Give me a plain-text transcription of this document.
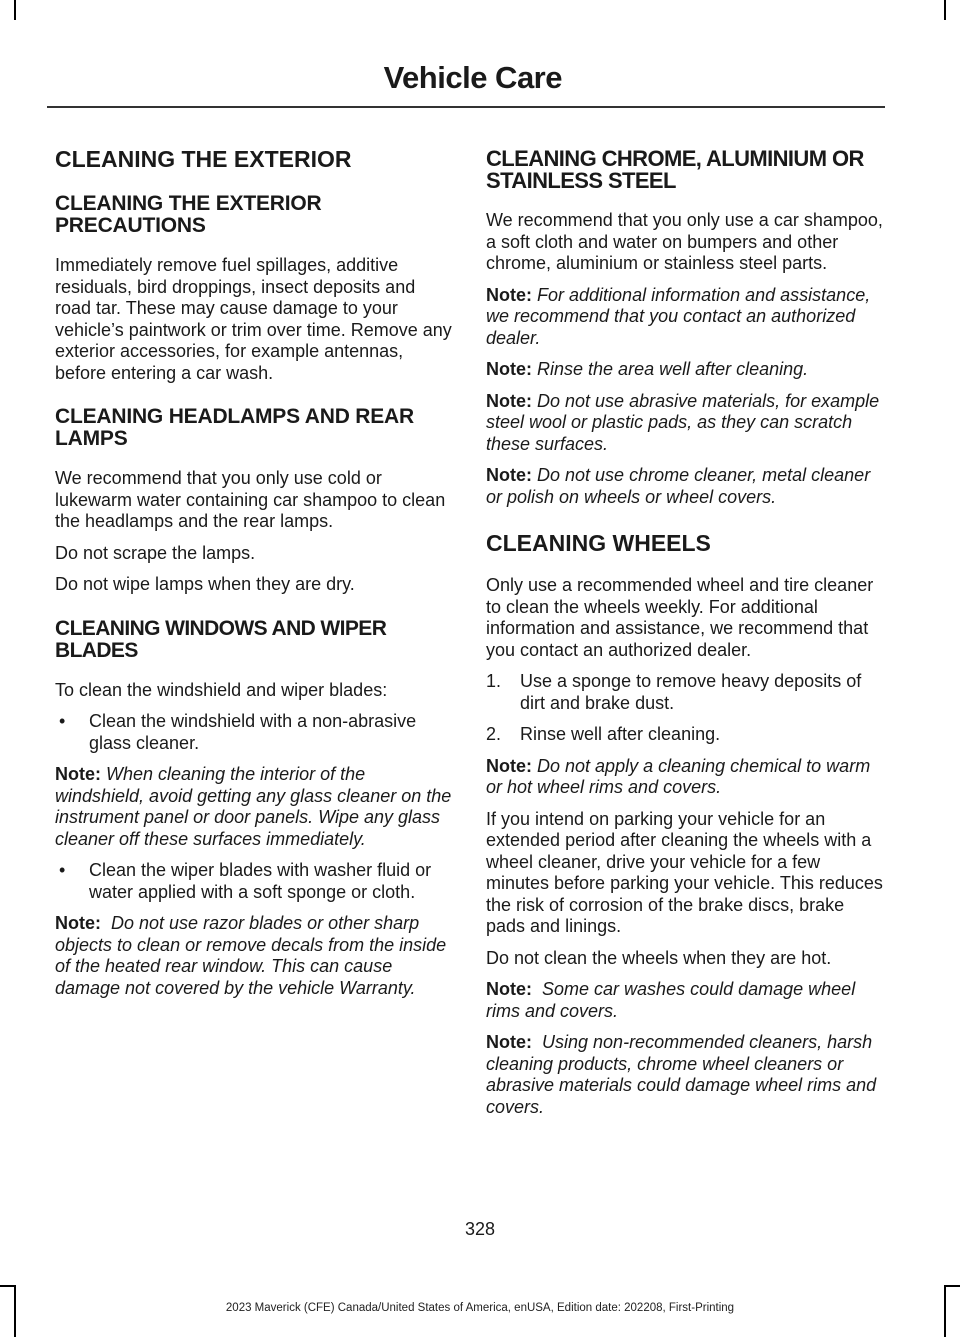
Vehicle Care
CLEANING THE EXTERIOR
CLEANING THE EXTERIOR PRECAUTIONS

Immediately remove fuel spillages, additive residuals, bird droppings, insect deposits and road tar. These may cause damage to your vehicle’s paintwork or trim over time. Remove any exterior accessories, for example antennas, before entering a car wash.

CLEANING HEADLAMPS AND REAR LAMPS

We recommend that you only use cold or lukewarm water containing car shampoo to clean the headlamps and the rear lamps.

Do not scrape the lamps.

Do not wipe lamps when they are dry.

CLEANING WINDOWS AND WIPER BLADES

To clean the windshield and wiper blades:

• Clean the windshield with a non-abrasive glass cleaner.

Note: When cleaning the interior of the windshield, avoid getting any glass cleaner on the instrument panel or door panels. Wipe any glass cleaner off these surfaces immediately.

• Clean the wiper blades with washer fluid or water applied with a soft sponge or cloth.

Note: Do not use razor blades or other sharp objects to clean or remove decals from the inside of the heated rear window. This can cause damage not covered by the vehicle Warranty.

CLEANING CHROME, ALUMINIUM OR STAINLESS STEEL

We recommend that you only use a car shampoo, a soft cloth and water on bumpers and other chrome, aluminium or stainless steel parts.

Note: For additional information and assistance, we recommend that you contact an authorized dealer.

Note: Rinse the area well after cleaning.

Note: Do not use abrasive materials, for example steel wool or plastic pads, as they can scratch these surfaces.

Note: Do not use chrome cleaner, metal cleaner or polish on wheels or wheel covers.

CLEANING WHEELS

Only use a recommended wheel and tire cleaner to clean the wheels weekly. For additional information and assistance, we recommend that you contact an authorized dealer.

1. Use a sponge to remove heavy deposits of dirt and brake dust.
2. Rinse well after cleaning.

Note: Do not apply a cleaning chemical to warm or hot wheel rims and covers.

If you intend on parking your vehicle for an extended period after cleaning the wheels with a wheel cleaner, drive your vehicle for a few minutes before parking your vehicle. This reduces the risk of corrosion of the brake discs, brake pads and linings.

Do not clean the wheels when they are hot.

Note: Some car washes could damage wheel rims and covers.

Note: Using non-recommended cleaners, harsh cleaning products, chrome wheel cleaners or abrasive materials could damage wheel rims and covers.

328
2023 Maverick (CFE) Canada/United States of America, enUSA, Edition date: 202208, First-Printing
